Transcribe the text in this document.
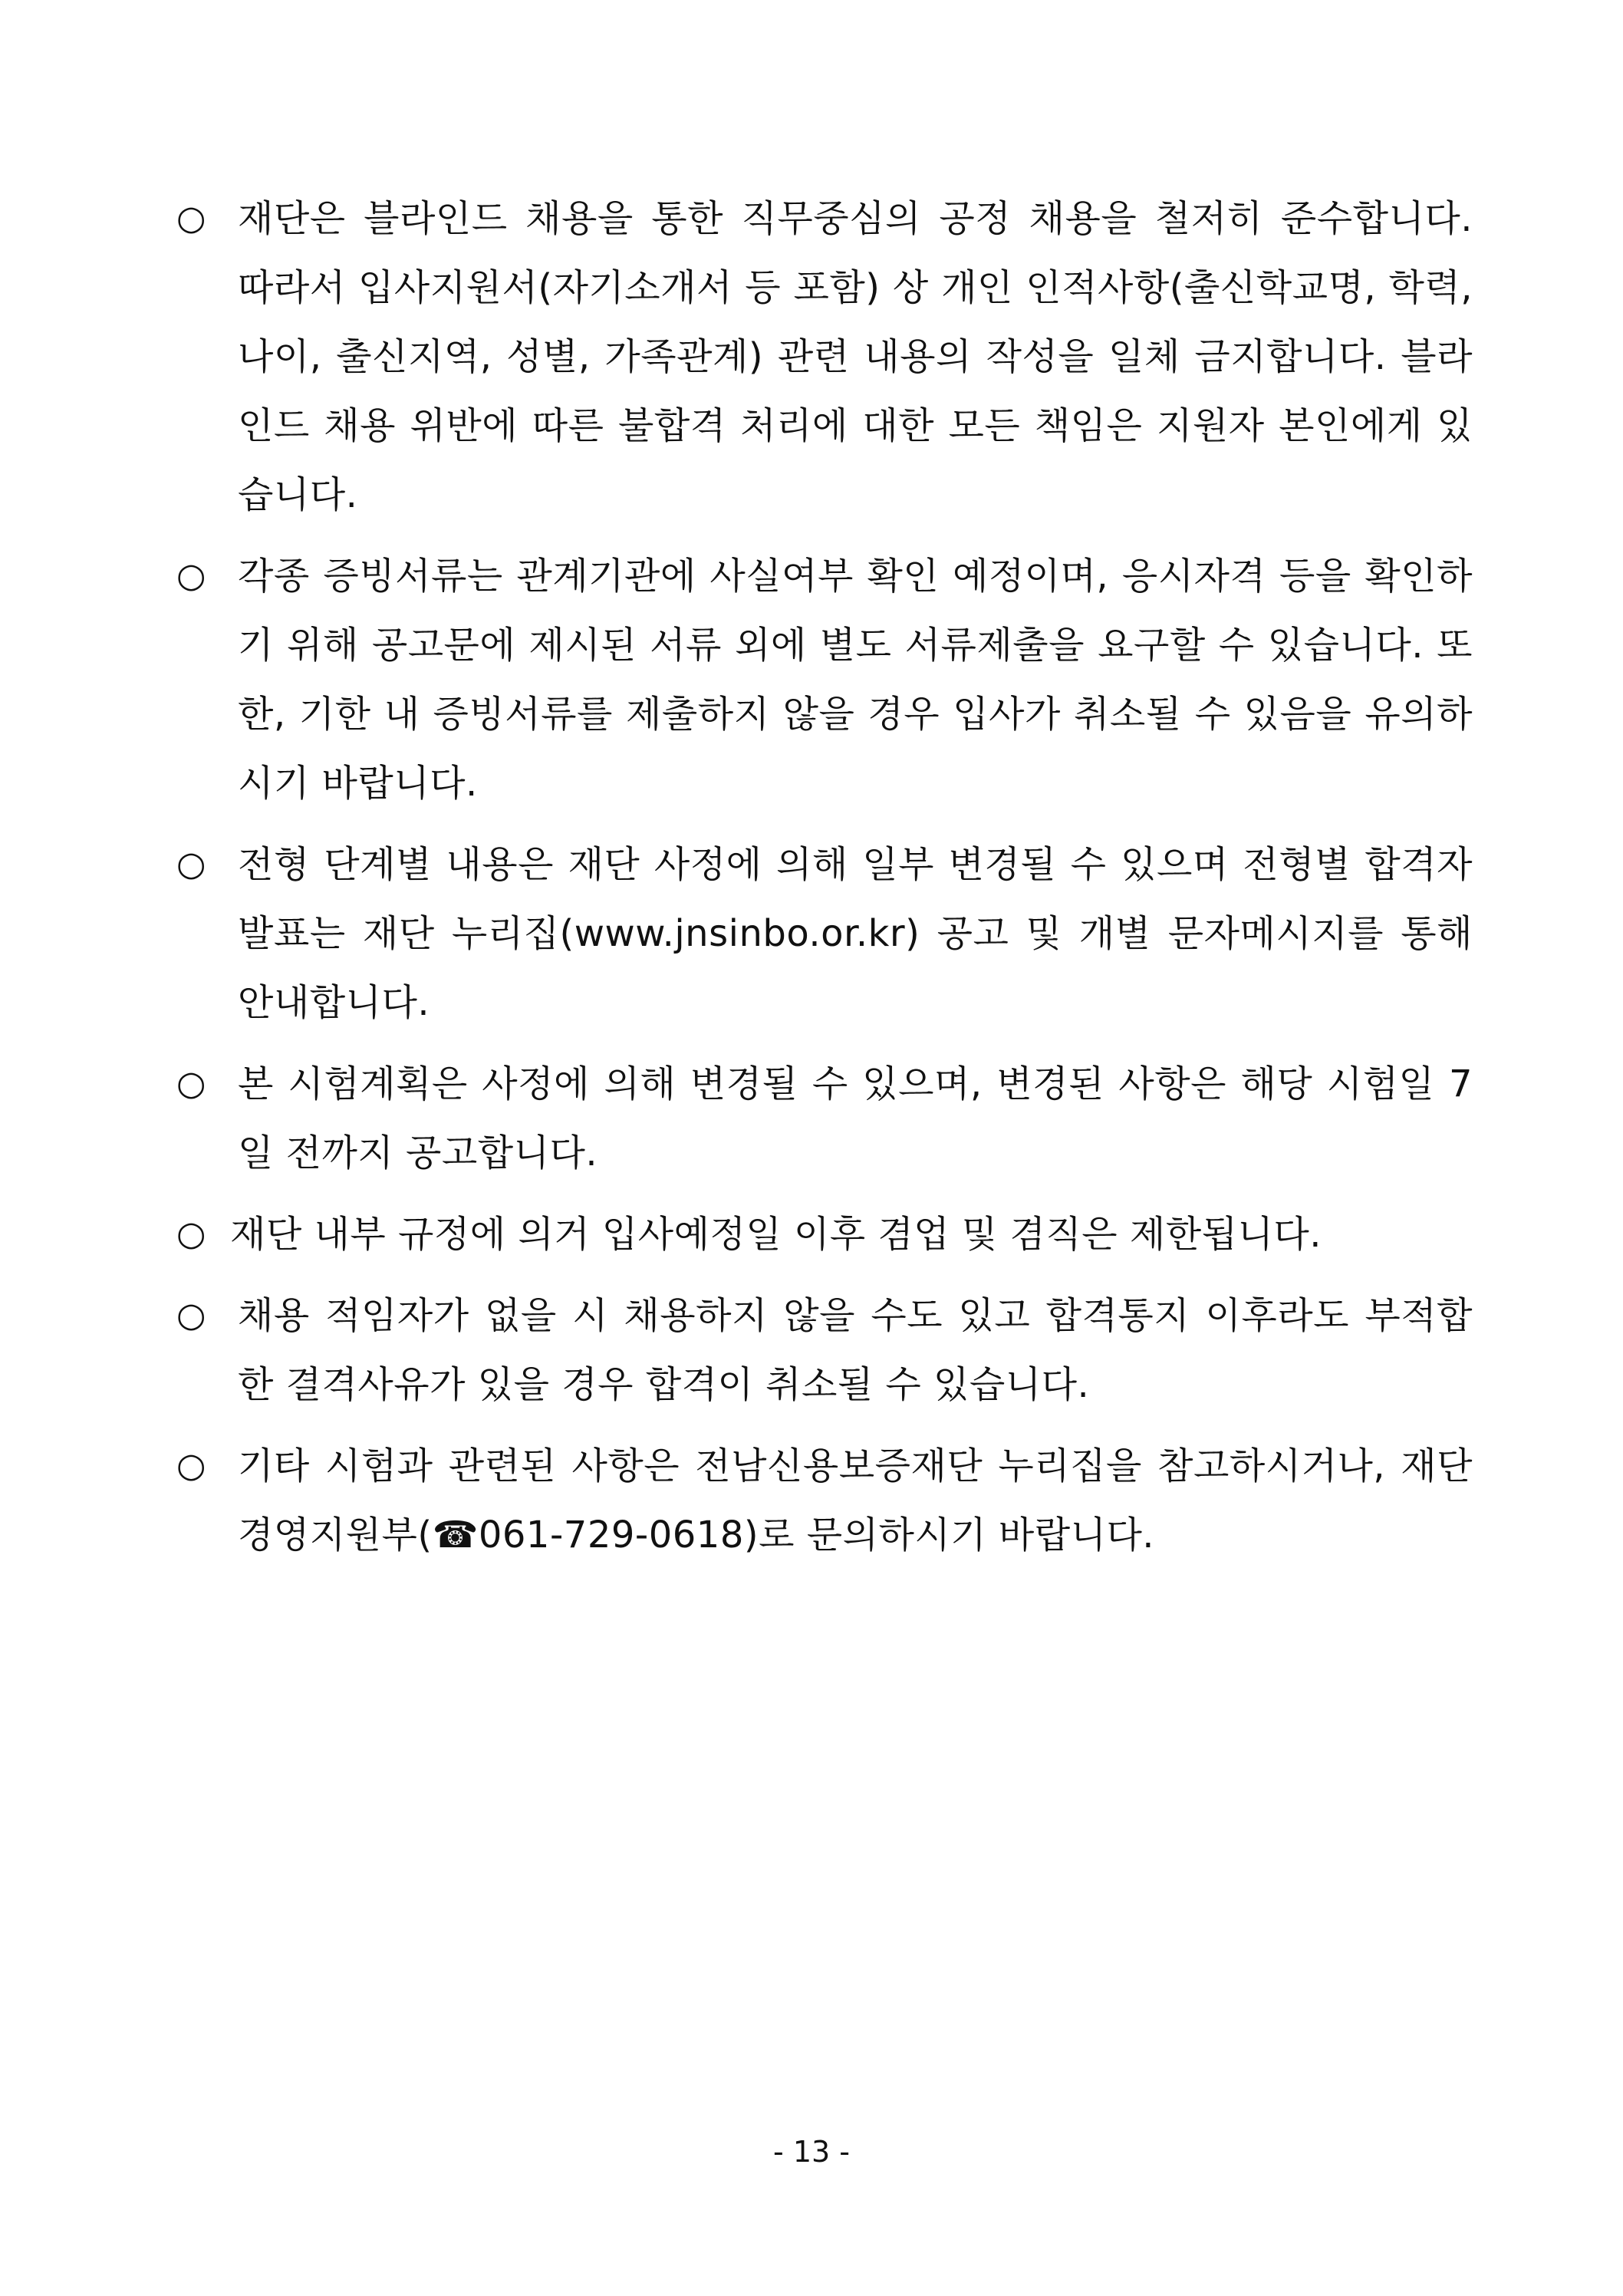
○ 재단은 블라인드 채용을 통한 직무중심의 공정 채용을 철저히 준수합니다. 따라서 입사지원서(자기소개서 등 포함) 상 개인 인적사항(출신학교명, 학력, 나이, 출신지역, 성별, 가족관계) 관련 내용의 작성을 일체 금지합니다. 블라인드 채용 위반에 따른 불합격 처리에 대한 모든 책임은 지원자 본인에게 있습니다.
○ 각종 증빙서류는 관계기관에 사실여부 확인 예정이며, 응시자격 등을 확인하기 위해 공고문에 제시된 서류 외에 별도 서류제출을 요구할 수 있습니다. 또한, 기한 내 증빙서류를 제출하지 않을 경우 입사가 취소될 수 있음을 유의하시기 바랍니다.
○ 전형 단계별 내용은 재단 사정에 의해 일부 변경될 수 있으며 전형별 합격자 발표는 재단 누리집(www.jnsinbo.or.kr) 공고 및 개별 문자메시지를 통해 안내합니다.
○ 본 시험계획은 사정에 의해 변경될 수 있으며, 변경된 사항은 해당 시험일 7일 전까지 공고합니다.
○ 재단 내부 규정에 의거 입사예정일 이후 겸업 및 겸직은 제한됩니다.
○ 채용 적임자가 없을 시 채용하지 않을 수도 있고 합격통지 이후라도 부적합한 결격사유가 있을 경우 합격이 취소될 수 있습니다.
○ 기타 시험과 관련된 사항은 전남신용보증재단 누리집을 참고하시거나, 재단 경영지원부(☎061-729-0618)로 문의하시기 바랍니다.
- 13 -
